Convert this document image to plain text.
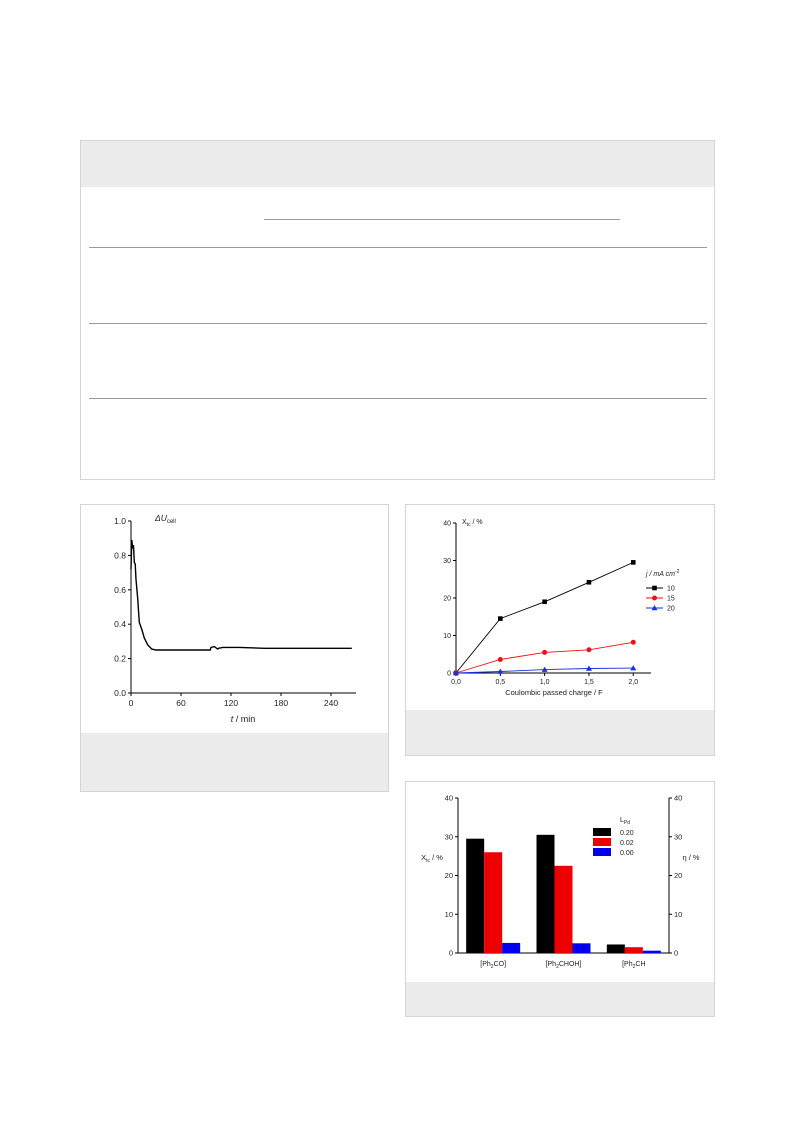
$\Delta U_{cell}$
t / min
0	60	120	180	240
0.0
0.2
0.4
0.6
0.8
1.0	$X_{tc}$ / %
Coulombic passed charge / F
0,0	0,5	1,0	1,5	2,0
0
10
20
30
40
j / mA $cm^{-2}$
10
15
20
$X_{tc}$ / %	η / %
0	0
10	10
20	20
30	30
40	40
$[Ph_2CO]$	$[Ph_2CHOH]$	[$Ph_2CH$
$L_{Pd}$
0.20
0.02
0.00
